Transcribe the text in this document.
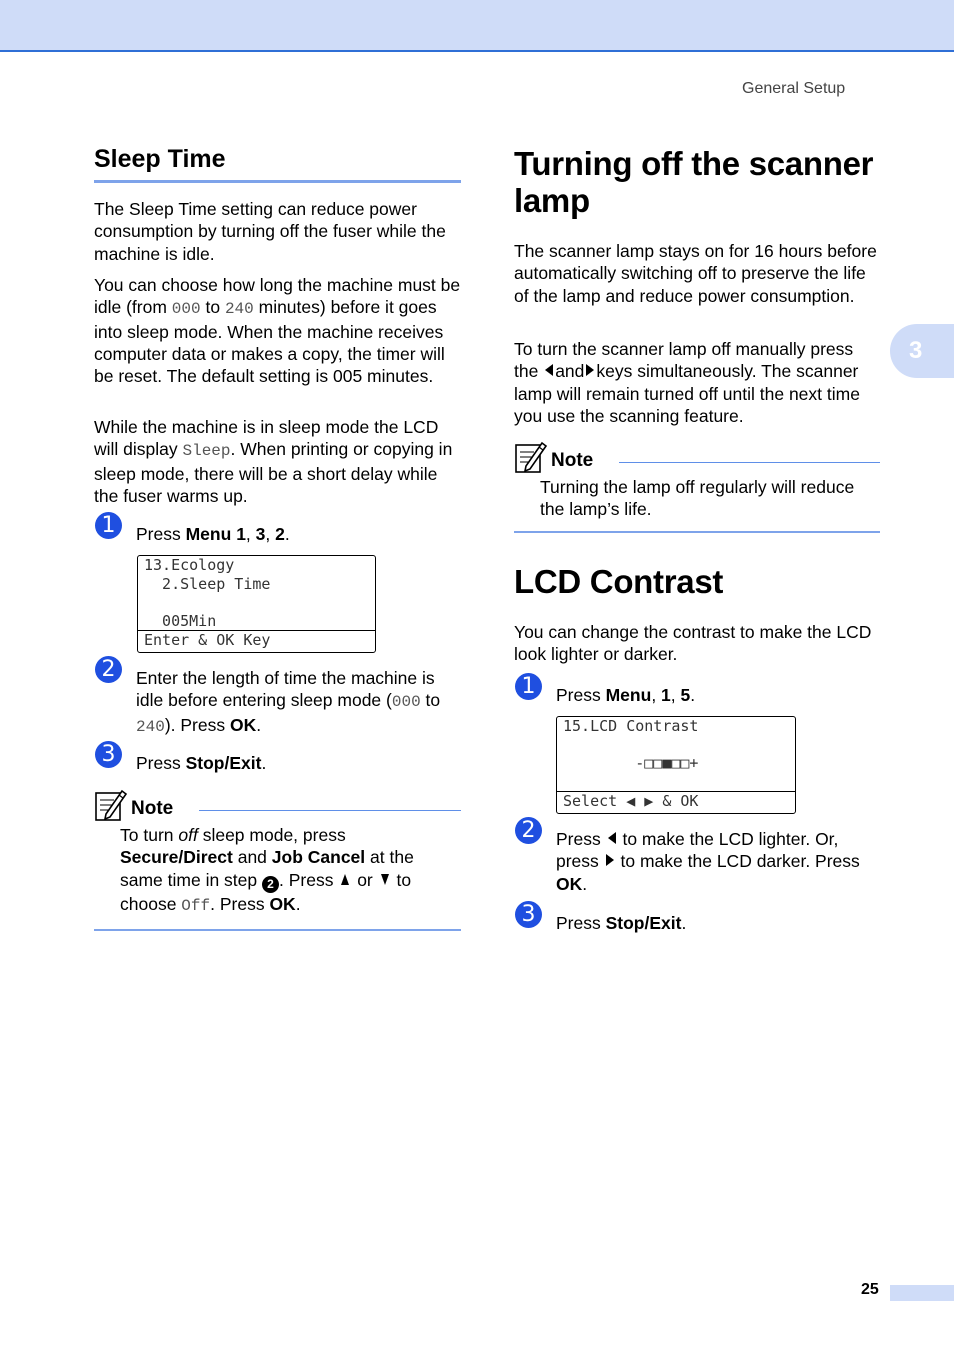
General Setup
3
25
Sleep Time

The Sleep Time setting can reduce power consumption by turning off the fuser while the machine is idle.

You can choose how long the machine must be idle (from 000 to 240 minutes) before it goes into sleep mode. When the machine receives computer data or makes a copy, the timer will be reset. The default setting is 005 minutes.

While the machine is in sleep mode the LCD will display Sleep. When printing or copying in sleep mode, there will be a short delay while the fuser warms up.

1	Press Menu 1, 3, 2.
13.Ecology
2.Sleep Time
005Min
Enter & OK Key
2	Enter the length of time the machine is idle before entering sleep mode (000 to 240). Press OK.
3	Press Stop/Exit.
Note
To turn off sleep mode, press Secure/Direct and Job Cancel at the same time in step 2 . Press  or  to choose Off. Press OK.
Turning off the scanner
lamp

The scanner lamp stays on for 16 hours before automatically switching off to preserve the life of the lamp and reduce power consumption.

To turn the scanner lamp off manually press the and keys simultaneously. The scanner lamp will remain turned off until the next time you use the scanning feature.

Note
Turning the lamp off regularly will reduce the lamp’s life.
LCD Contrast

You can change the contrast to make the LCD look lighter or darker.

1	Press Menu, 1, 5.
15.LCD Contrast
-□□■□□+
Select ◀ ▶ & OK
2	Press  to make the LCD lighter. Or, press  to make the LCD darker. Press OK.
3	Press Stop/Exit.
